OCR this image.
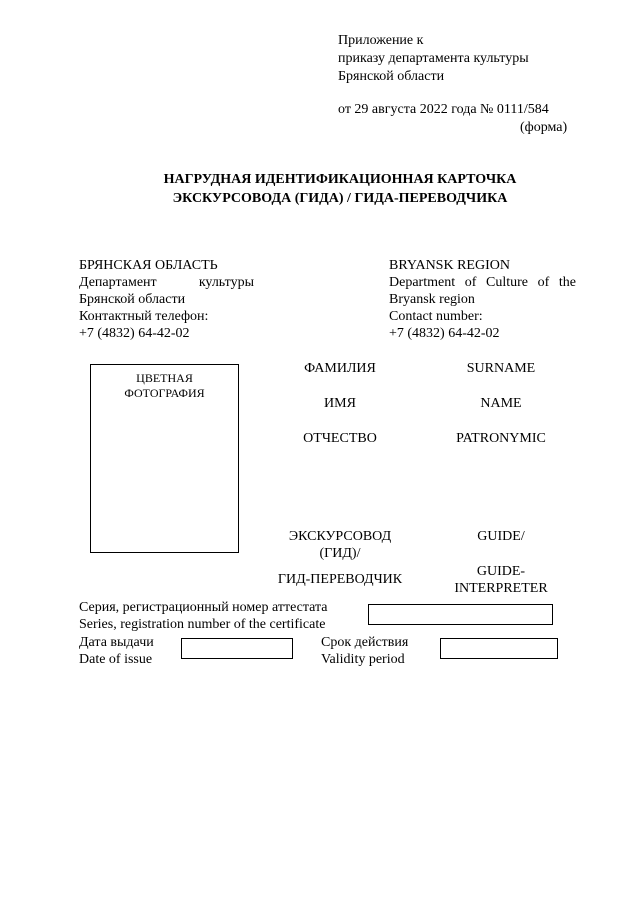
Приложение к
приказу департамента культуры
Брянской области
от 29 августа 2022 года № 0111/584
(форма)
НАГРУДНАЯ ИДЕНТИФИКАЦИОННАЯ КАРТОЧКА
ЭКСКУРСОВОДА (ГИДА) / ГИДА-ПЕРЕВОДЧИКА
БРЯНСКАЯ ОБЛАСТЬ
Департамент	культуры
Брянской области
Контактный телефон:
+7 (4832) 64-42-02
BRYANSK REGION
Department of Culture of the
Bryansk region
Contact number:
+7 (4832) 64-42-02
ЦВЕТНАЯ
ФОТОГРАФИЯ
ФАМИЛИЯ
ИМЯ
ОТЧЕСТВО
SURNAME
NAME
PATRONYMIC
ЭКСКУРСОВОД
(ГИД)/
ГИД-ПЕРЕВОДЧИК
GUIDE/
GUIDE-
INTERPRETER
Серия, регистрационный номер аттестата
Series, registration number of the certificate
Дата выдачи
Date of issue
Срок действия
Validity period
